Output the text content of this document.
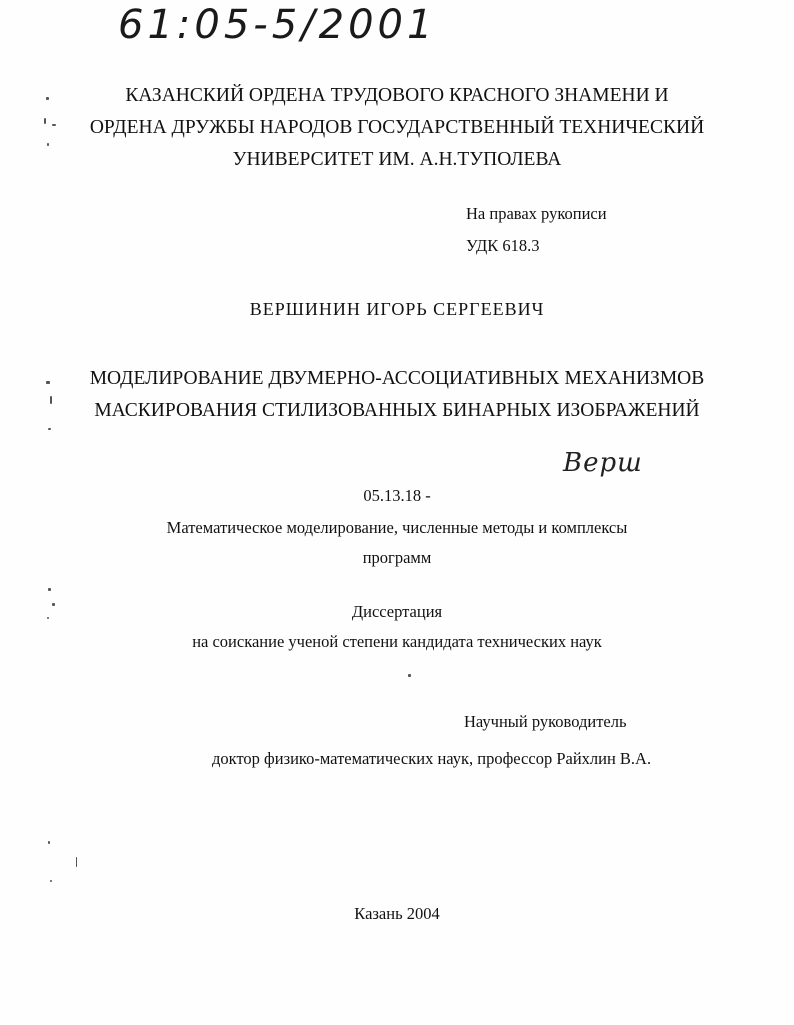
61:05-5/2001
КАЗАНСКИЙ ОРДЕНА ТРУДОВОГО КРАСНОГО ЗНАМЕНИ И
ОРДЕНА ДРУЖБЫ НАРОДОВ ГОСУДАРСТВЕННЫЙ ТЕХНИЧЕСКИЙ
УНИВЕРСИТЕТ ИМ. А.Н.ТУПОЛЕВА
На правах рукописи
УДК 618.3
ВЕРШИНИН ИГОРЬ СЕРГЕЕВИЧ
МОДЕЛИРОВАНИЕ ДВУМЕРНО-АССОЦИАТИВНЫХ МЕХАНИЗМОВ
МАСКИРОВАНИЯ СТИЛИЗОВАННЫХ БИНАРНЫХ ИЗОБРАЖЕНИЙ
Верш
05.13.18 -
Математическое моделирование, численные методы и комплексы
программ
Диссертация
на соискание ученой степени кандидата технических наук
Научный руководитель
доктор физико-математических наук, профессор Райхлин В.А.
Казань 2004
